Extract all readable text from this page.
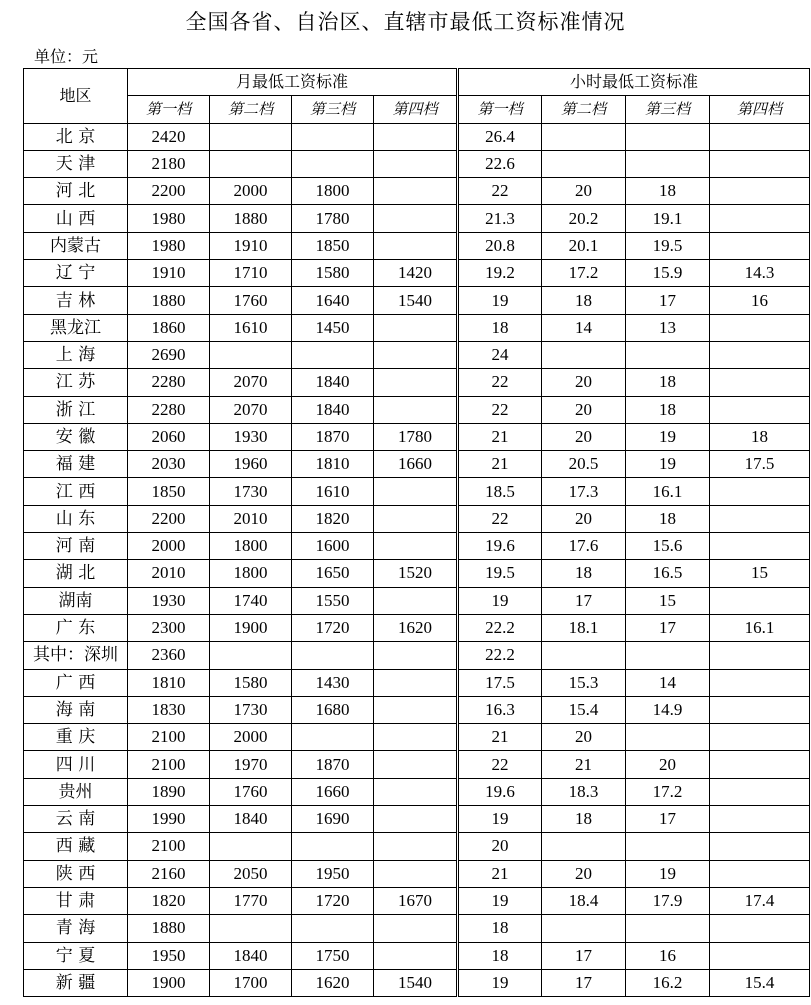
全国各省、自治区、直辖市最低工资标准情况
单位：元
地区	月最低工资标准				小时最低工资标准			
	第一档	第二档	第三档	第四档	第一档	第二档	第三档	第四档
北 京	2420				26.4			
天 津	2180				22.6			
河 北	2200	2000	1800		22	20	18	
山 西	1980	1880	1780		21.3	20.2	19.1	
内蒙古	1980	1910	1850		20.8	20.1	19.5	
辽 宁	1910	1710	1580	1420	19.2	17.2	15.9	14.3
吉 林	1880	1760	1640	1540	19	18	17	16
黑龙江	1860	1610	1450		18	14	13	
上 海	2690				24			
江 苏	2280	2070	1840		22	20	18	
浙 江	2280	2070	1840		22	20	18	
安 徽	2060	1930	1870	1780	21	20	19	18
福 建	2030	1960	1810	1660	21	20.5	19	17.5
江 西	1850	1730	1610		18.5	17.3	16.1	
山 东	2200	2010	1820		22	20	18	
河 南	2000	1800	1600		19.6	17.6	15.6	
湖 北	2010	1800	1650	1520	19.5	18	16.5	15
湖南	1930	1740	1550		19	17	15	
广 东	2300	1900	1720	1620	22.2	18.1	17	16.1
其中：深圳	2360				22.2			
广 西	1810	1580	1430		17.5	15.3	14	
海 南	1830	1730	1680		16.3	15.4	14.9	
重 庆	2100	2000			21	20		
四 川	2100	1970	1870		22	21	20	
贵州	1890	1760	1660		19.6	18.3	17.2	
云 南	1990	1840	1690		19	18	17	
西 藏	2100				20			
陕 西	2160	2050	1950		21	20	19	
甘 肃	1820	1770	1720	1670	19	18.4	17.9	17.4
青 海	1880				18			
宁 夏	1950	1840	1750		18	17	16	
新 疆	1900	1700	1620	1540	19	17	16.2	15.4
